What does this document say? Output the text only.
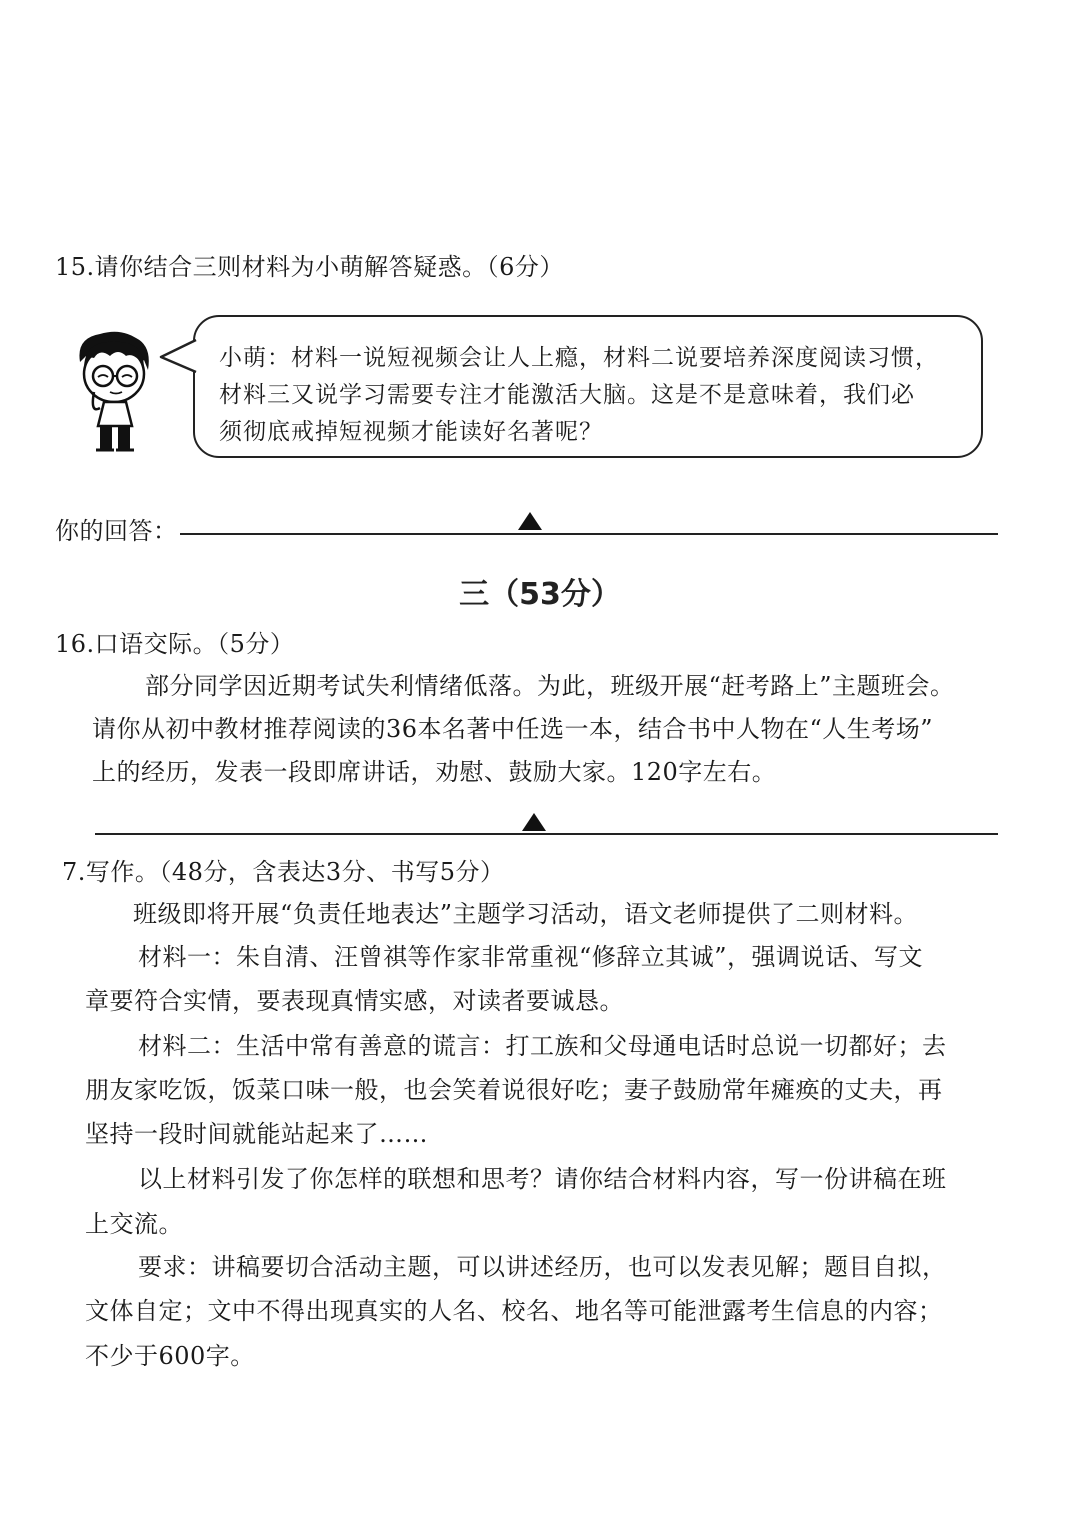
15.请你结合三则材料为小萌解答疑惑。（6分）
小萌：材料一说短视频会让人上瘾，材料二说要培养深度阅读习惯，
材料三又说学习需要专注才能激活大脑。这是不是意味着，我们必
须彻底戒掉短视频才能读好名著呢？
你的回答：
三（53分）
16.口语交际。（5分）
部分同学因近期考试失利情绪低落。为此，班级开展“赶考路上”主题班会。
请你从初中教材推荐阅读的36本名著中任选一本，结合书中人物在“人生考场”
上的经历，发表一段即席讲话，劝慰、鼓励大家。120字左右。
7.写作。（48分，含表达3分、书写5分）
班级即将开展“负责任地表达”主题学习活动，语文老师提供了二则材料。
材料一：朱自清、汪曾祺等作家非常重视“修辞立其诚”，强调说话、写文
章要符合实情，要表现真情实感，对读者要诚恳。
材料二：生活中常有善意的谎言：打工族和父母通电话时总说一切都好；去
朋友家吃饭，饭菜口味一般，也会笑着说很好吃；妻子鼓励常年瘫痪的丈夫，再
坚持一段时间就能站起来了……
以上材料引发了你怎样的联想和思考？请你结合材料内容，写一份讲稿在班
上交流。
要求：讲稿要切合活动主题，可以讲述经历，也可以发表见解；题目自拟，
文体自定；文中不得出现真实的人名、校名、地名等可能泄露考生信息的内容；
不少于600字。
